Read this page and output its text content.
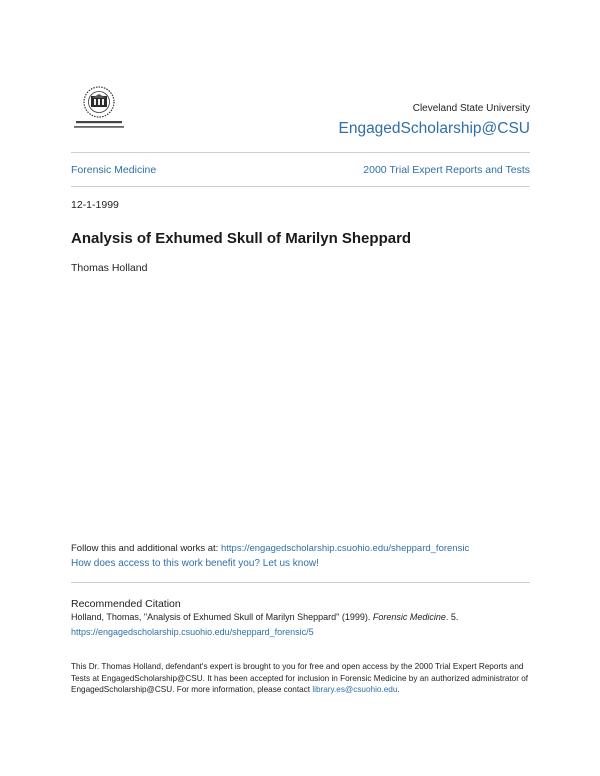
Cleveland State University
EngagedScholarship@CSU
Forensic Medicine	2000 Trial Expert Reports and Tests
12-1-1999
Analysis of Exhumed Skull of Marilyn Sheppard
Thomas Holland
Follow this and additional works at: https://engagedscholarship.csuohio.edu/sheppard_forensic
How does access to this work benefit you? Let us know!
Recommended Citation
Holland, Thomas, "Analysis of Exhumed Skull of Marilyn Sheppard" (1999). Forensic Medicine. 5.
https://engagedscholarship.csuohio.edu/sheppard_forensic/5
This Dr. Thomas Holland, defendant's expert is brought to you for free and open access by the 2000 Trial Expert Reports and Tests at EngagedScholarship@CSU. It has been accepted for inclusion in Forensic Medicine by an authorized administrator of EngagedScholarship@CSU. For more information, please contact library.es@csuohio.edu.
